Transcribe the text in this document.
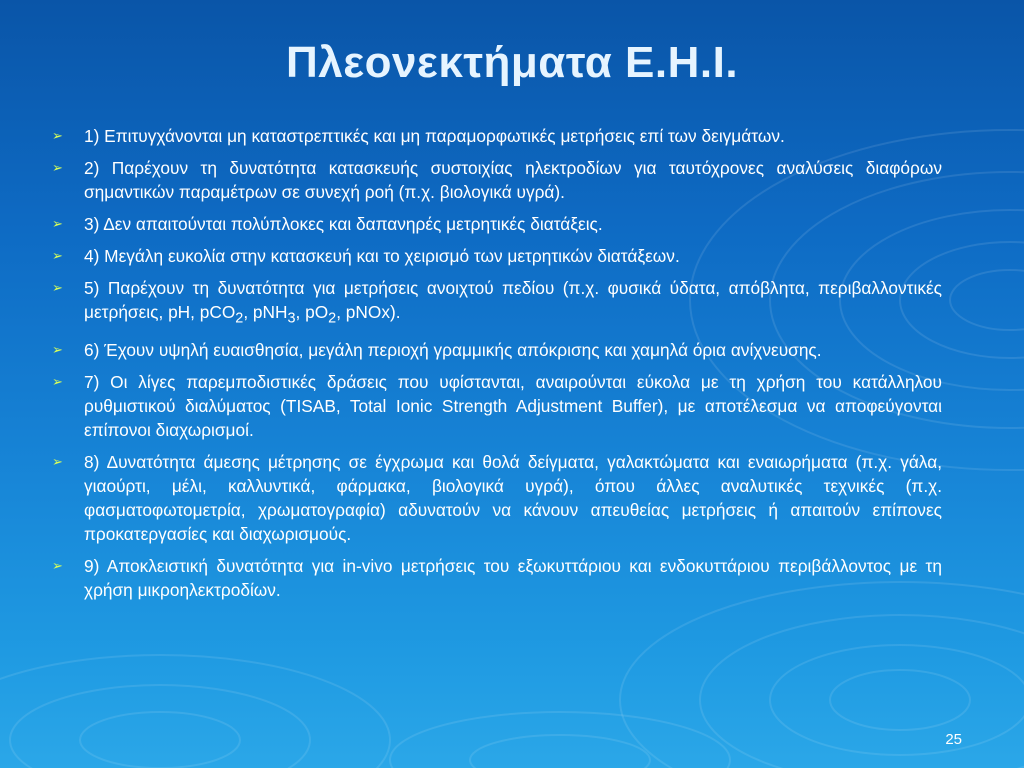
Πλεονεκτήματα Ε.Η.Ι.
➢	1) Επιτυγχάνονται μη καταστρεπτικές και μη παραμορφωτικές μετρήσεις επί των δειγμάτων.
➢	2) Παρέχουν τη δυνατότητα κατασκευής συστοιχίας ηλεκτροδίων για ταυτόχρονες αναλύσεις διαφόρων σημαντικών παραμέτρων σε συνεχή ροή (π.χ. βιολογικά υγρά).
➢	3) Δεν απαιτούνται πολύπλοκες και δαπανηρές μετρητικές διατάξεις.
➢	4) Μεγάλη ευκολία στην κατασκευή και το χειρισμό των μετρητικών διατάξεων.
➢	5) Παρέχουν τη δυνατότητα για μετρήσεις ανοιχτού πεδίου (π.χ. φυσικά ύδατα, απόβλητα, περιβαλλοντικές μετρήσεις, pH, pCO$_2$, pNH$_3$, $pO_2$, pNOx).
➢	6) Έχουν υψηλή ευαισθησία, μεγάλη περιοχή γραμμικής απόκρισης και χαμηλά όρια ανίχνευσης.
➢	7) Οι λίγες παρεμποδιστικές δράσεις που υφίστανται, αναιρούνται εύκολα με τη χρήση του κατάλληλου ρυθμιστικού διαλύματος (TISAB, Total Ionic Strength Adjustment Buffer), με αποτέλεσμα να αποφεύγονται επίπονοι διαχωρισμοί.
➢	8) Δυνατότητα άμεσης μέτρησης σε έγχρωμα και θολά δείγματα, γαλακτώματα και εναιωρήματα (π.χ. γάλα, γιαούρτι, μέλι, καλλυντικά, φάρμακα, βιολογικά υγρά), όπου άλλες αναλυτικές τεχνικές (π.χ. φασματοφωτομετρία, χρωματογραφία) αδυνατούν να κάνουν απευθείας μετρήσεις ή απαιτούν επίπονες προκατεργασίες και διαχωρισμούς.
➢	9) Αποκλειστική δυνατότητα για in-vivo μετρήσεις του εξωκυττάριου και ενδοκυττάριου περιβάλλοντος με τη χρήση μικροηλεκτροδίων.
25
